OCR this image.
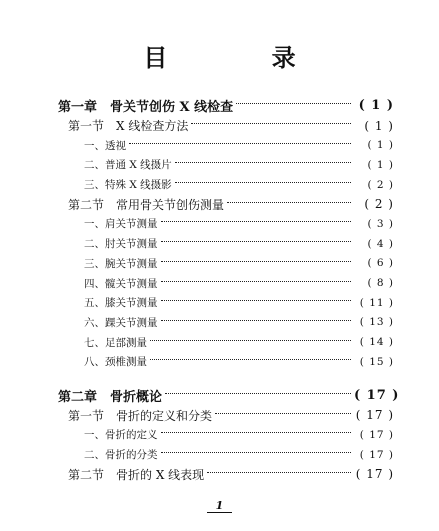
目 录
第一章　骨关节创伤 X 线检查	( 1 )
第一节　X 线检查方法	( 1 )
一、透视	( 1 )
二、普通 X 线摄片	( 1 )
三、特殊 X 线摄影	( 2 )
第二节　常用骨关节创伤测量	( 2 )
一、肩关节测量	( 3 )
二、肘关节测量	( 4 )
三、腕关节测量	( 6 )
四、髋关节测量	( 8 )
五、膝关节测量	( 11 )
六、踝关节测量	( 13 )
七、足部测量	( 14 )
八、颈椎测量	( 15 )
第二章　骨折概论	( 17 )
第一节　骨折的定义和分类	( 17 )
一、骨折的定义	( 17 )
二、骨折的分类	( 17 )
第二节　骨折的 X 线表现	( 17 )
1
